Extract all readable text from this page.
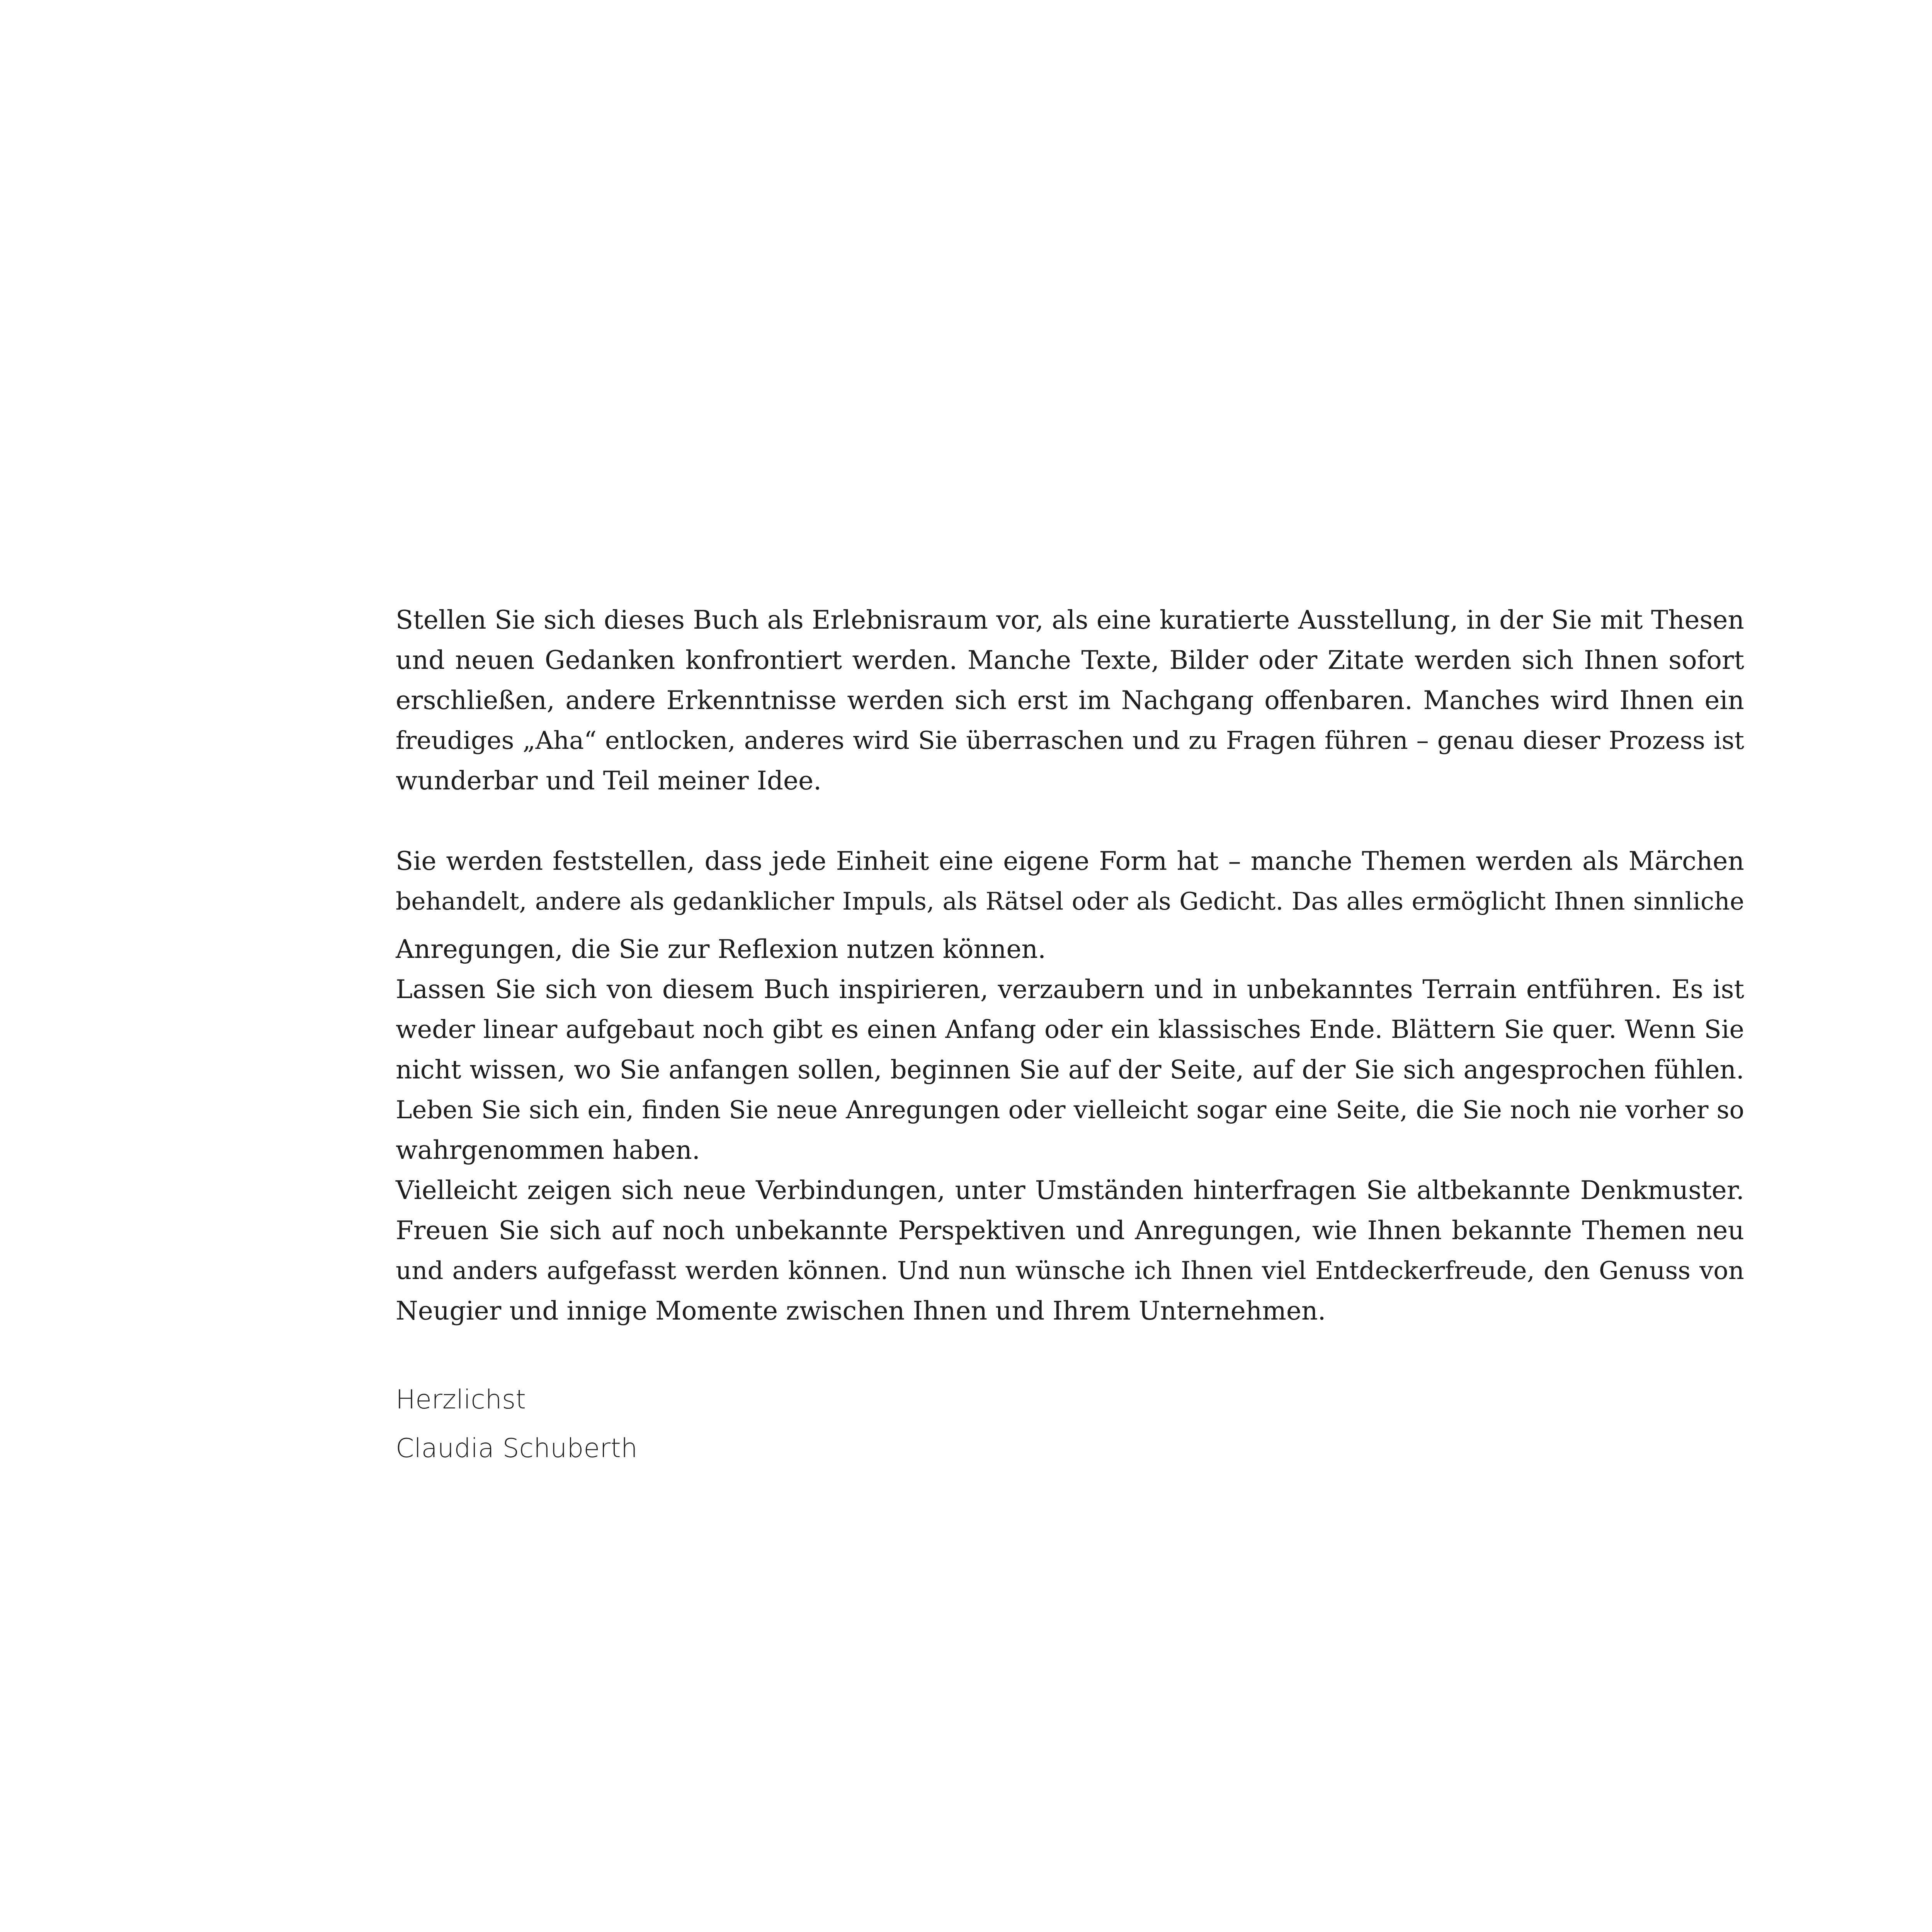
Stellen Sie sich dieses Buch als Erlebnisraum vor, als eine kuratierte Ausstellung, in der Sie mit Thesen
und neuen Gedanken konfrontiert werden. Manche Texte, Bilder oder Zitate werden sich Ihnen sofort
erschließen, andere Erkenntnisse werden sich erst im Nachgang offenbaren. Manches wird Ihnen ein
freudiges „Aha“ entlocken, anderes wird Sie überraschen und zu Fragen führen – genau dieser Prozess ist
wunderbar und Teil meiner Idee.
Sie werden feststellen, dass jede Einheit eine eigene Form hat – manche Themen werden als Märchen
behandelt, andere als gedanklicher Impuls, als Rätsel oder als Gedicht. Das alles ermöglicht Ihnen sinnliche
Anregungen, die Sie zur Reflexion nutzen können.
Lassen Sie sich von diesem Buch inspirieren, verzaubern und in unbekanntes Terrain entführen. Es ist
weder linear aufgebaut noch gibt es einen Anfang oder ein klassisches Ende. Blättern Sie quer. Wenn Sie
nicht wissen, wo Sie anfangen sollen, beginnen Sie auf der Seite, auf der Sie sich angesprochen fühlen.
Leben Sie sich ein, finden Sie neue Anregungen oder vielleicht sogar eine Seite, die Sie noch nie vorher so
wahrgenommen haben.
Vielleicht zeigen sich neue Verbindungen, unter Umständen hinterfragen Sie altbekannte Denkmuster.
Freuen Sie sich auf noch unbekannte Perspektiven und Anregungen, wie Ihnen bekannte Themen neu
und anders aufgefasst werden können. Und nun wünsche ich Ihnen viel Entdeckerfreude, den Genuss von
Neugier und innige Momente zwischen Ihnen und Ihrem Unternehmen.
Herzlichst
Claudia Schuberth
